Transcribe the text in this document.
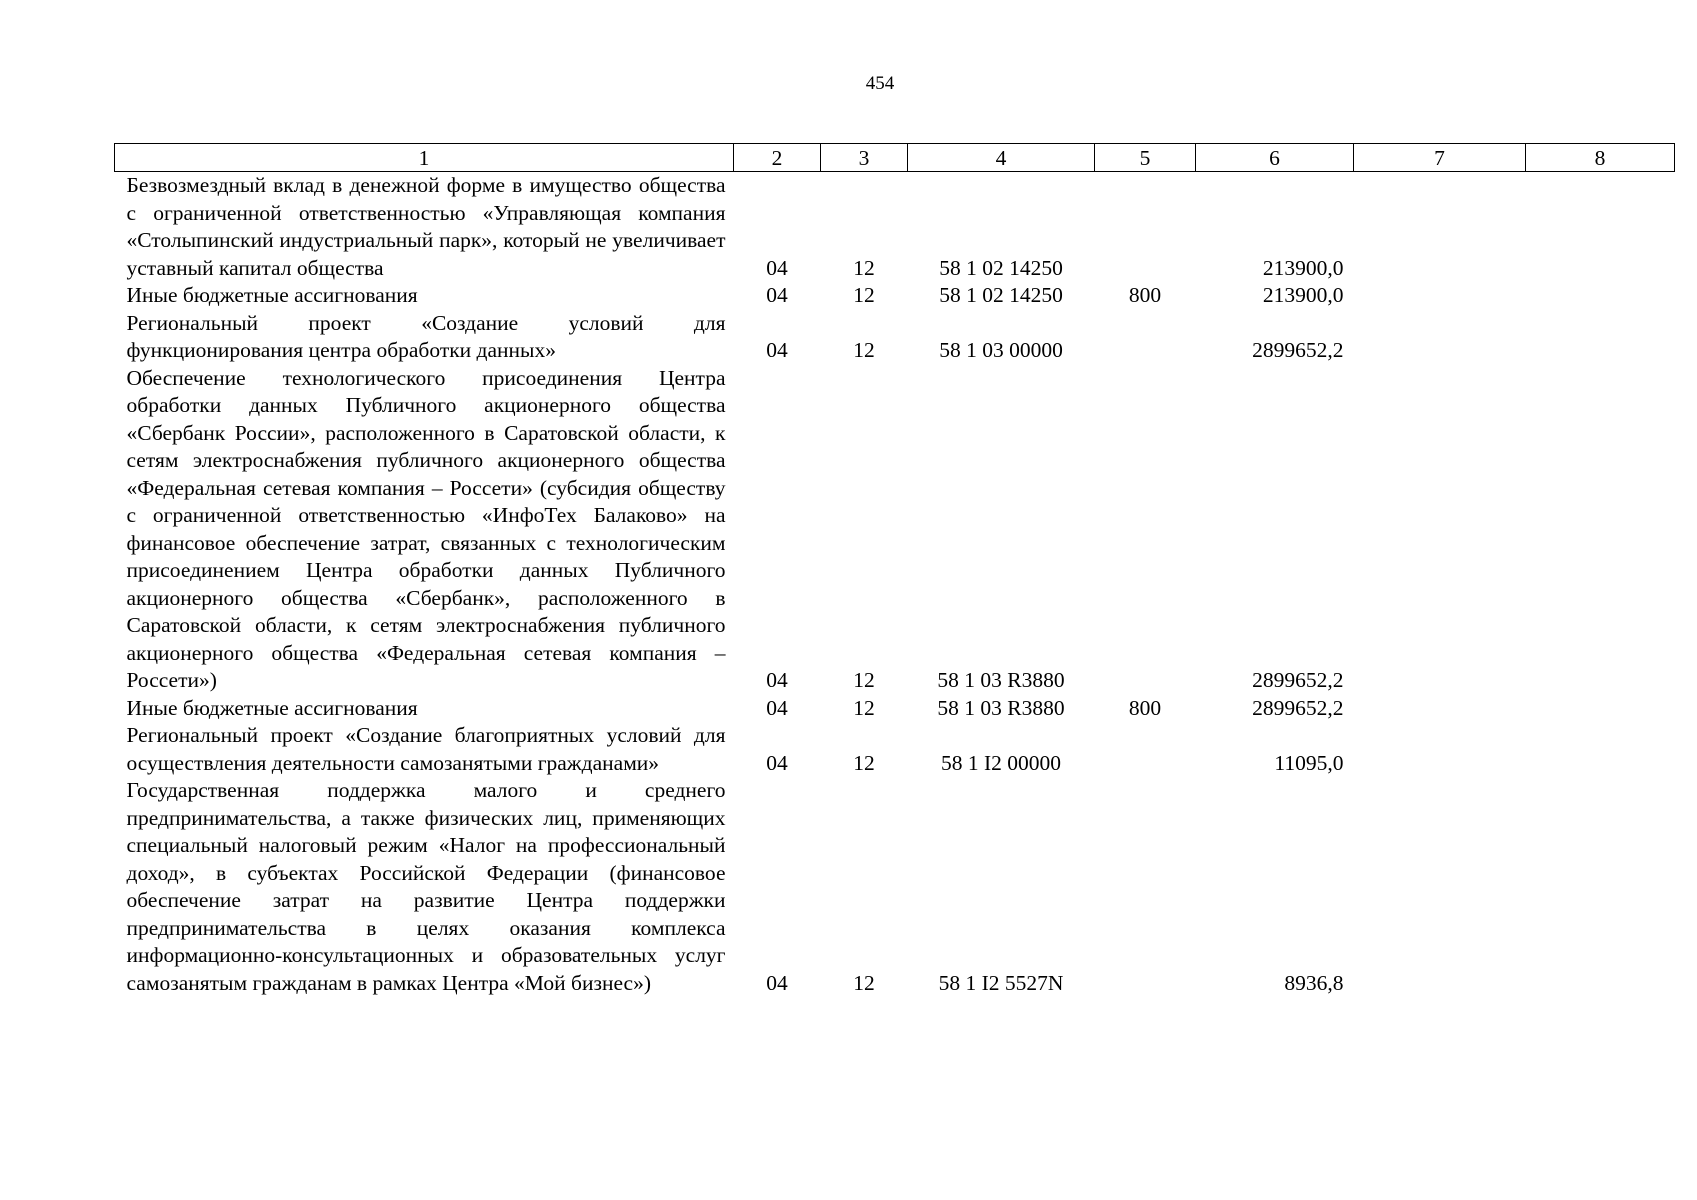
454
1	2	3	4	5	6	7	8
Безвозмездный вклад в денежной форме в имущество общества с ограниченной ответственностью «Управляющая компания «Столыпинский индустриальный парк», который не увеличивает уставный капитал общества	04	12	58 1 02 14250		213900,0		
Иные бюджетные ассигнования	04	12	58 1 02 14250	800	213900,0		
Региональный проект «Создание условий для функционирования центра обработки данных»	04	12	58 1 03 00000		2899652,2		
Обеспечение технологического присоединения Центра обработки данных Публичного акционерного общества «Сбербанк России», расположенного в Саратовской области, к сетям электроснабжения публичного акционерного общества «Федеральная сетевая компания – Россети» (субсидия обществу с ограниченной ответственностью «ИнфоТех Балаково» на финансовое обеспечение затрат, связанных с технологическим присоединением Центра обработки данных Публичного акционерного общества «Сбербанк», расположенного в Саратовской области, к сетям электроснабжения публичного акционерного общества «Федеральная сетевая компания – Россети»)	04	12	58 1 03 R3880		2899652,2		
Иные бюджетные ассигнования	04	12	58 1 03 R3880	800	2899652,2		
Региональный проект «Создание благоприятных условий для осуществления деятельности самозанятыми гражданами»	04	12	58 1 I2 00000		11095,0		
Государственная поддержка малого и среднего предпринимательства, а также физических лиц, применяющих специальный налоговый режим «Налог на профессиональный доход», в субъектах Российской Федерации (финансовое обеспечение затрат на развитие Центра поддержки предпринимательства в целях оказания комплекса информационно-консультационных и образовательных услуг самозанятым гражданам в рамках Центра «Мой бизнес»)	04	12	58 1 I2 5527N		8936,8		
